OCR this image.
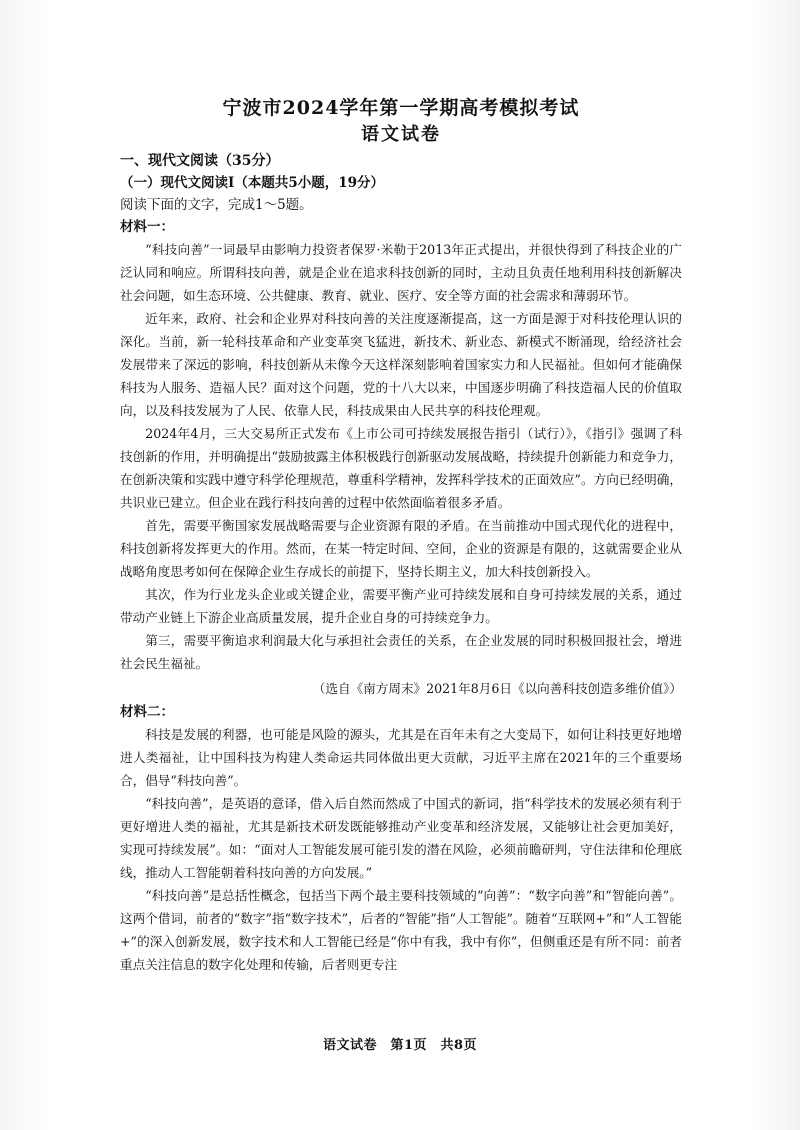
宁波市2024学年第一学期高考模拟考试
语文试卷
一、现代文阅读（35分）
（一）现代文阅读Ⅰ（本题共5小题，19分）
阅读下面的文字，完成1～5题。
材料一：

“科技向善”一词最早由影响力投资者保罗·米勒于2013年正式提出，并很快得到了科技企业的广泛认同和响应。所谓科技向善，就是企业在追求科技创新的同时，主动且负责任地利用科技创新解决社会问题，如生态环境、公共健康、教育、就业、医疗、安全等方面的社会需求和薄弱环节。

近年来，政府、社会和企业界对科技向善的关注度逐渐提高，这一方面是源于对科技伦理认识的深化。当前，新一轮科技革命和产业变革突飞猛进，新技术、新业态、新模式不断涌现，给经济社会发展带来了深远的影响，科技创新从未像今天这样深刻影响着国家实力和人民福祉。但如何才能确保科技为人服务、造福人民？面对这个问题，党的十八大以来，中国逐步明确了科技造福人民的价值取向，以及科技发展为了人民、依靠人民，科技成果由人民共享的科技伦理观。

2024年4月，三大交易所正式发布《上市公司可持续发展报告指引（试行）》，《指引》强调了科技创新的作用，并明确提出“鼓励披露主体积极践行创新驱动发展战略，持续提升创新能力和竞争力，在创新决策和实践中遵守科学伦理规范，尊重科学精神，发挥科学技术的正面效应”。方向已经明确，共识业已建立。但企业在践行科技向善的过程中依然面临着很多矛盾。

首先，需要平衡国家发展战略需要与企业资源有限的矛盾。在当前推动中国式现代化的进程中，科技创新将发挥更大的作用。然而，在某一特定时间、空间，企业的资源是有限的，这就需要企业从战略角度思考如何在保障企业生存成长的前提下，坚持长期主义，加大科技创新投入。

其次，作为行业龙头企业或关键企业，需要平衡产业可持续发展和自身可持续发展的关系，通过带动产业链上下游企业高质量发展，提升企业自身的可持续竞争力。

第三，需要平衡追求利润最大化与承担社会责任的关系，在企业发展的同时积极回报社会，增进社会民生福祉。

（选自《南方周末》2021年8月6日《以向善科技创造多维价值》）

材料二：

科技是发展的利器，也可能是风险的源头，尤其是在百年未有之大变局下，如何让科技更好地增进人类福祉，让中国科技为构建人类命运共同体做出更大贡献，习近平主席在2021年的三个重要场合，倡导“科技向善”。

“科技向善”，是英语的意译，借入后自然而然成了中国式的新词，指“科学技术的发展必须有利于更好增进人类的福祉，尤其是新技术研发既能够推动产业变革和经济发展，又能够让社会更加美好，实现可持续发展”。如：“面对人工智能发展可能引发的潜在风险，必须前瞻研判，守住法律和伦理底线，推动人工智能朝着科技向善的方向发展。”

“科技向善”是总括性概念，包括当下两个最主要科技领域的“向善”：“数字向善”和“智能向善”。这两个借词，前者的“数字”指“数字技术”，后者的“智能”指“人工智能”。随着“互联网+”和“人工智能+”的深入创新发展，数字技术和人工智能已经是“你中有我，我中有你”，但侧重还是有所不同：前者重点关注信息的数字化处理和传输，后者则更专注

语文试卷　第1页　共8页
